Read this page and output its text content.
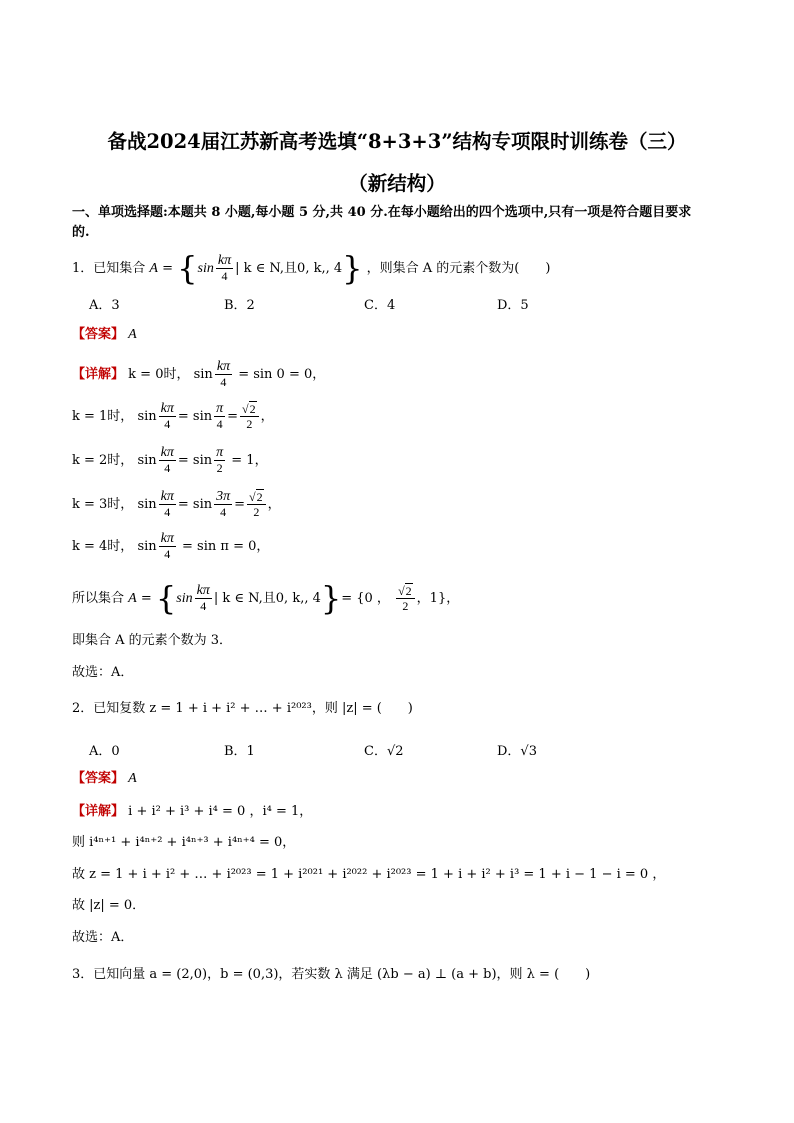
备战2024届江苏新高考选填“8+3+3”结构专项限时训练卷（三）
（新结构）
一、单项选择题:本题共 8 小题,每小题 5 分,共 40 分.在每小题给出的四个选项中,只有一项是符合题目要求
的.
1．已知集合 $A = \{\sin \frac{k\pi}{4}$ | k ∈ N,且0, k,, 4} ，则集合 A 的元素个数为(　　)
A．3	B．2	C．4	D．5
【答案】 A
【详解】 k = 0时， $\sin \frac{k\pi}{4} = \sin 0 = 0$，
k = 1时， $\sin \frac{k\pi}{4} = \sin \frac{\pi}{4} = \frac{√2}{2}$ ，
k = 2时， $\sin \frac{k\pi}{4} = \sin \frac{\pi}{2} = 1$，
k = 3时， $\sin \frac{k\pi}{4} = \sin \frac{3\pi}{4} = \frac{√2}{2}$ ，
k = 4时， $\sin \frac{k\pi}{4} = \sin \pi = 0$，
所以集合 $A = \{\sin \frac{k\pi}{4}$ | k ∈ N,且0, k,, 4}= {0 ， $\frac{√2}{2}$ ，1}，
即集合 A 的元素个数为 3．
故选：A．
2．已知复数 z = 1 + i + i² + … + i²⁰²³，则 |z| = (　　)
A．0	B．1	C．√2	D．√3
【答案】 A
【详解】 i + i² + i³ + i⁴ = 0 ，i⁴ = 1，
则 i⁴ⁿ⁺¹ + i⁴ⁿ⁺² + i⁴ⁿ⁺³ + i⁴ⁿ⁺⁴ = 0，
故 z = 1 + i + i² + … + i²⁰²³ = 1 + i²⁰²¹ + i²⁰²² + i²⁰²³ = 1 + i + i² + i³ = 1 + i − 1 − i = 0 ，
故 |z| = 0．
故选：A．
3．已知向量 a = (2,0)，b = (0,3)，若实数 λ 满足 (λb − a) ⊥ (a + b)，则 λ = (　　)
